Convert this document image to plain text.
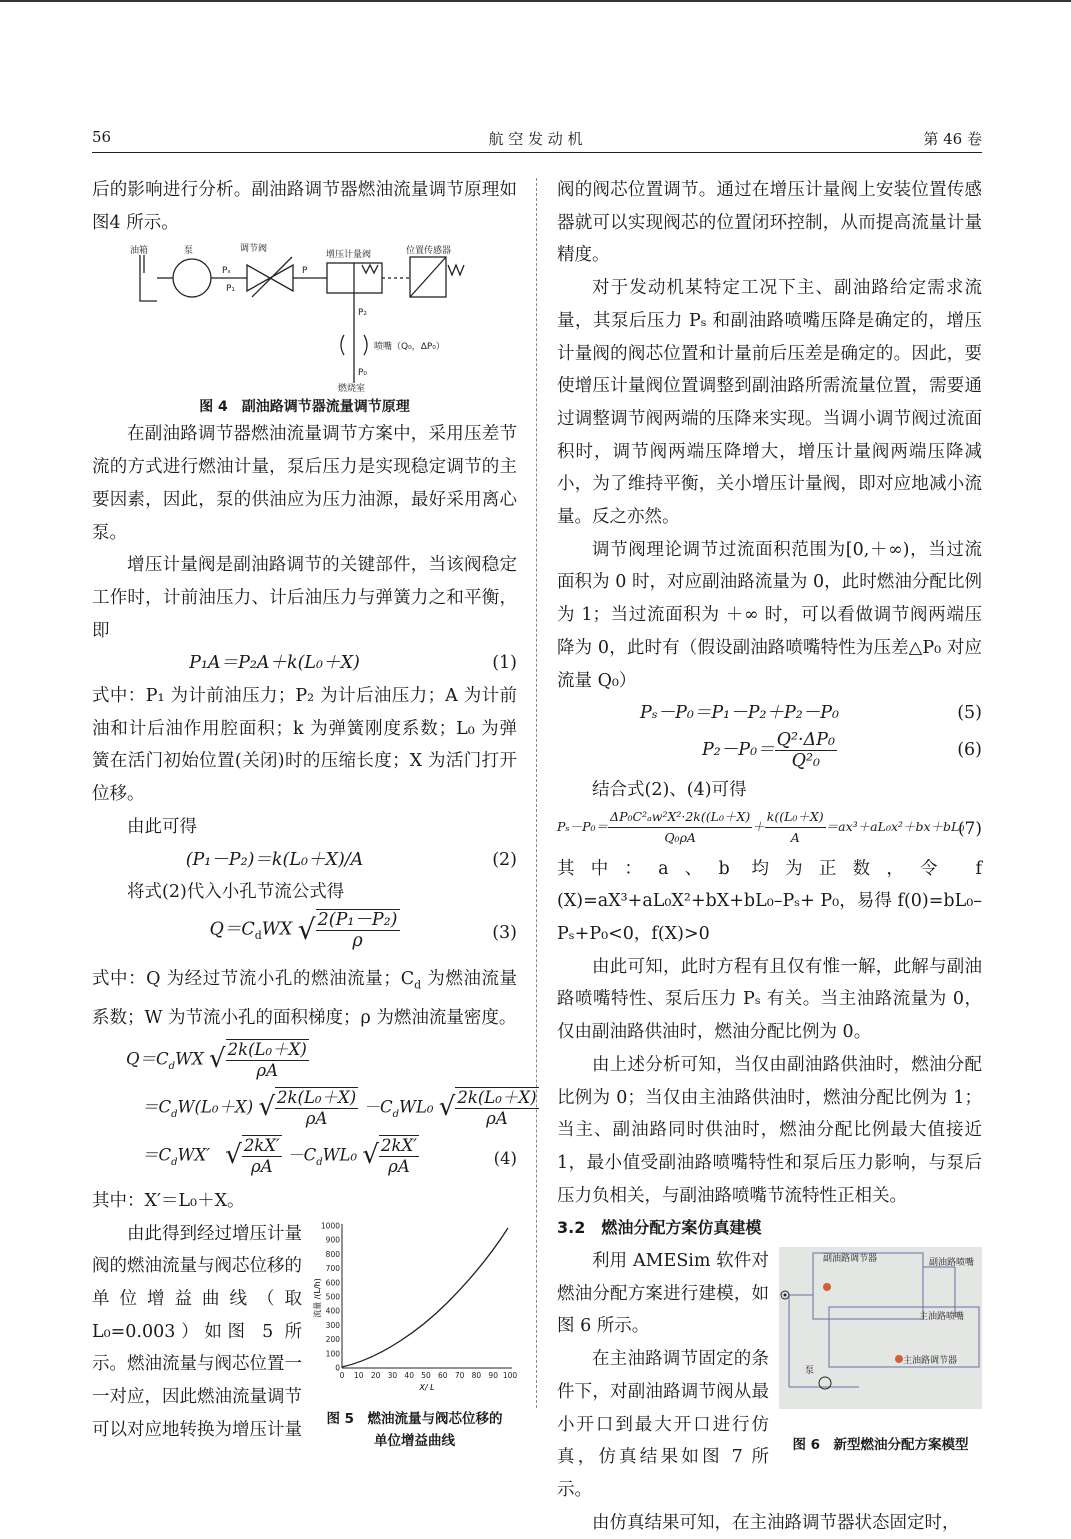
56	航 空 发 动 机	第 46 卷

后的影响进行分析。副油路调节器燃油流量调节原理如图4 所示。

油箱	泵	调节阀
增压计量阀	位置传感器
Pₛ
P₁
P
P₂
喷嘴（Q₀，ΔP₀）
P₀
燃烧室
图 4　副油路调节器流量调节原理

在副油路调节器燃油流量调节方案中，采用压差节流的方式进行燃油计量，泵后压力是实现稳定调节的主要因素，因此，泵的供油应为压力油源，最好采用离心泵。

增压计量阀是副油路调节的关键部件，当该阀稳定工作时，计前油压力、计后油压力与弹簧力之和平衡，即

P₁A＝P₂A＋k(L₀＋X)	(1)

式中：P₁ 为计前油压力；P₂ 为计后油压力；A 为计前油和计后油作用腔面积；k 为弹簧刚度系数；L₀ 为弹簧在活门初始位置(关闭)时的压缩长度；X 为活门打开位移。

由此可得

(P₁－P₂)＝k(L₀＋X)/A	(2)

将式(2)代入小孔节流公式得

$Q=C_dWX$ √ $\frac{\text{2(P₁－P₂)}}{\rho}$	(3)

式中：Q 为经过节流小孔的燃油流量；$C_d$ 为燃油流量系数；W 为节流小孔的面积梯度；ρ 为燃油流量密度。

$Q=C_dWX$ √ $\frac{\text{2k(L₀＋X)}}{\rho A}$
$=C_dW(L_0+X)$ √ $\frac{\text{2k(L₀＋X)}}{\rho A} -C_dWL_0$ √ $\frac{\text{2k(L₀＋X)}}{\rho A}$
$=C_dWX'$ √ $\frac{2kX'}{\rho A} -C_dWL_0$ √ $\frac{2kX'}{\rho A}$	(4)

其中：X′＝L₀＋X。

由此得到经过增压计量阀的燃油流量与阀芯位移的单位增益曲线（取 L₀=0.003）如图 5 所示。燃油流量与阀芯位置一一对应，因此燃油流量调节可以对应地转换为增压计量

1000
900
800
700
600
500
400
300
200
100
0
0 10 20 30 40 50 60 70 80 90 100
流量 /(L/h)
X/ L
图 5　燃油流量与阀芯位移的
单位增益曲线

阀的阀芯位置调节。通过在增压计量阀上安装位置传感器就可以实现阀芯的位置闭环控制，从而提高流量计量精度。

对于发动机某特定工况下主、副油路给定需求流量，其泵后压力 Pₛ 和副油路喷嘴压降是确定的，增压计量阀的阀芯位置和计量前后压差是确定的。因此，要使增压计量阀位置调整到副油路所需流量位置，需要通过调整调节阀两端的压降来实现。当调小调节阀过流面积时，调节阀两端压降增大，增压计量阀两端压降减小，为了维持平衡，关小增压计量阀，即对应地减小流量。反之亦然。

调节阀理论调节过流面积范围为[0,＋∞)，当过流面积为 0 时，对应副油路流量为 0，此时燃油分配比例为 1；当过流面积为 ＋∞ 时，可以看做调节阀两端压降为 0，此时有（假设副油路喷嘴特性为压差△P₀ 对应流量 Q₀）

Pₛ－P₀＝P₁－P₂＋P₂－P₀	(5)
$P_2-P_0= \frac{\text{Q²·ΔP₀}}{\text{Q²₀}}$	(6)

结合式(2)、(4)可得

$P_s-P_0= \frac{\text{ΔP₀C²ₐw²X²·2k((L₀＋X)}}{\text{Q₀ρA}} + \frac{\text{k((L₀＋X)}}{A} =ax^3+aL_0x^2+bx+bL_0$
(7)

其中：a、b 均为正数，令 f (X)=aX³+aL₀X²+bX+bL₀–Pₛ+ P₀，易得 f(0)=bL₀–Pₛ+P₀<0，f(X)>0

由此可知，此时方程有且仅有惟一解，此解与副油路喷嘴特性、泵后压力 Pₛ 有关。当主油路流量为 0，仅由副油路供油时，燃油分配比例为 0。

由上述分析可知，当仅由副油路供油时，燃油分配比例为 0；当仅由主油路供油时，燃油分配比例为 1；当主、副油路同时供油时，燃油分配比例最大值接近 1，最小值受副油路喷嘴特性和泵后压力影响，与泵后压力负相关，与副油路喷嘴节流特性正相关。

3.2　燃油分配方案仿真建模

利用 AMESim 软件对燃油分配方案进行建模，如图 6 所示。

在主油路调节固定的条件下，对副油路调节阀从最小开口到最大开口进行仿真，仿真结果如图 7 所示。

副油路调节器	副油路喷嘴
主油路喷嘴
主油路调节器
泵
图 6　新型燃油分配方案模型

由仿真结果可知，在主油路调节器状态固定时，
